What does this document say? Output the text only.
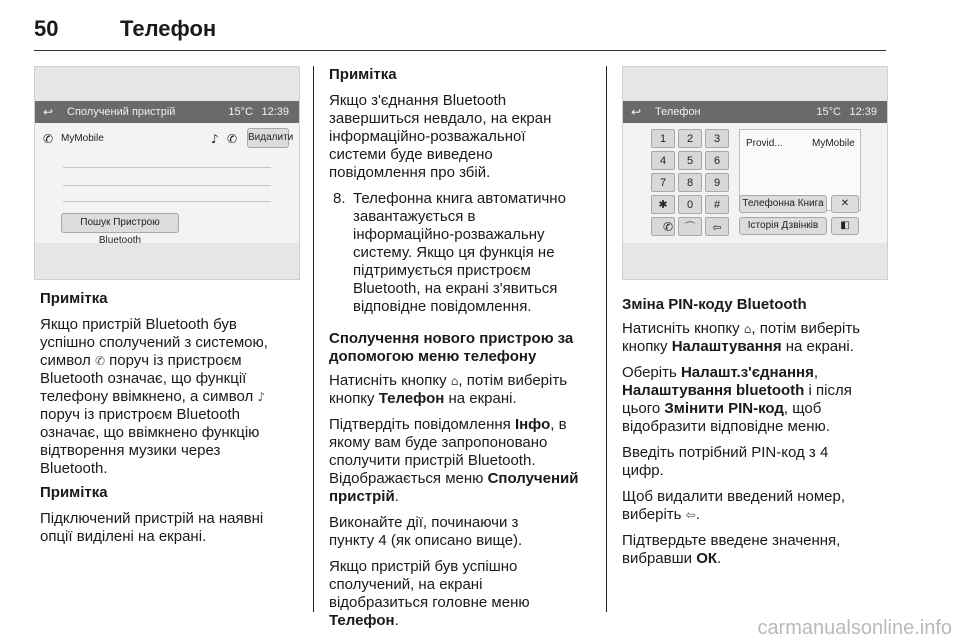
50	Телефон
↩ Сполучений пристрій	15°C 12:39
✆ MyMobile	♪ ✆ Видалити
Пошук Пристрою Bluetooth

Примітка

Якщо пристрій Bluetooth був
успішно сполучений з системою,
символ ✆ поруч із пристроєм
Bluetooth означає, що функції
телефону ввімкнено, а символ ♪
поруч із пристроєм Bluetooth
означає, що ввімкнено функцію
відтворення музики через
Bluetooth.

Примітка

Підключений пристрій на наявні
опції виділені на екрані.

Примітка

Якщо з'єднання Bluetooth
завершиться невдало, на екран
інформаційно-розважальної
системи буде виведено
повідомлення про збій.
8. Телефонна книга автоматично
завантажується в
інформаційно-розважальну
систему. Якщо ця функція не
підтримується пристроєм
Bluetooth, на екрані з'явиться
відповідне повідомлення.
Сполучення нового пристрою за
допомогою меню телефону

Натисніть кнопку ⌂, потім виберіть
кнопку Телефон на екрані.

Підтвердіть повідомлення Інфо, в
якому вам буде запропоновано
сполучити пристрій Bluetooth.
Відображається меню Сполучений
пристрій.

Виконайте дії, починаючи з
пункту 4 (як описано вище).

Якщо пристрій був успішно
сполучений, на екрані
відобразиться головне меню
Телефон.

↩ Телефон	15°C 12:39
1	2	3
4	5	6
7	8	9
✱	0	#
✆	⌒	⇦
Provid...	MyMobile
Телефонна Книга	✕
Історія Дзвінків	◧
Зміна PIN-коду Bluetooth

Натисніть кнопку ⌂, потім виберіть
кнопку Налаштування на екрані.

Оберіть Налашт.з'єднання,
Налаштування bluetooth і після
цього Змінити PIN-код, щоб
відобразити відповідне меню.

Введіть потрібний PIN-код з 4
цифр.

Щоб видалити введений номер,
виберіть ⇦.

Підтвердьте введене значення,
вибравши ОК.

carmanualsonline.info
